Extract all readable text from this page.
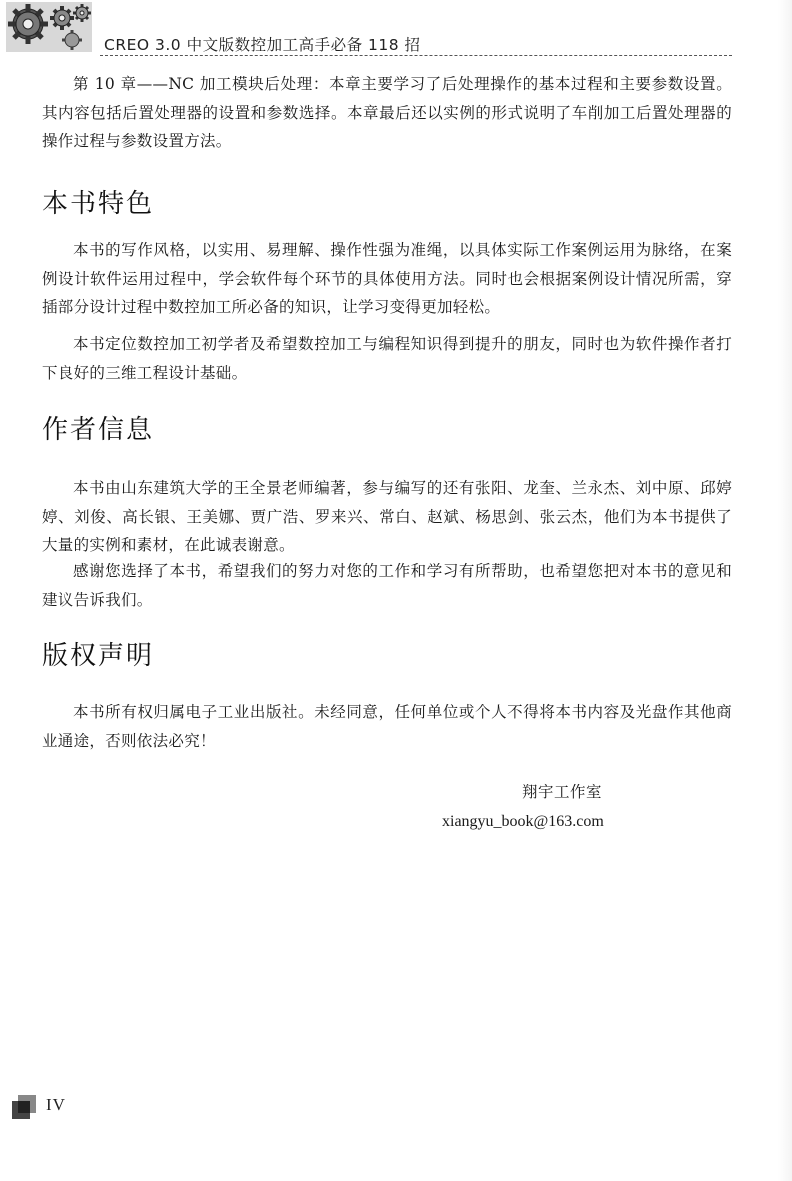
CREO 3.0 中文版数控加工高手必备 118 招

第 10 章——NC 加工模块后处理：本章主要学习了后处理操作的基本过程和主要参数设置。其内容包括后置处理器的设置和参数选择。本章最后还以实例的形式说明了车削加工后置处理器的操作过程与参数设置方法。

本书特色

本书的写作风格，以实用、易理解、操作性强为准绳，以具体实际工作案例运用为脉络，在案例设计软件运用过程中，学会软件每个环节的具体使用方法。同时也会根据案例设计情况所需，穿插部分设计过程中数控加工所必备的知识，让学习变得更加轻松。

本书定位数控加工初学者及希望数控加工与编程知识得到提升的朋友，同时也为软件操作者打下良好的三维工程设计基础。

作者信息

本书由山东建筑大学的王全景老师编著，参与编写的还有张阳、龙奎、兰永杰、刘中原、邱婷婷、刘俊、高长银、王美娜、贾广浩、罗来兴、常白、赵斌、杨思剑、张云杰，他们为本书提供了大量的实例和素材，在此诚表谢意。

感谢您选择了本书，希望我们的努力对您的工作和学习有所帮助，也希望您把对本书的意见和建议告诉我们。

版权声明

本书所有权归属电子工业出版社。未经同意，任何单位或个人不得将本书内容及光盘作其他商业通途，否则依法必究！

翔宇工作室
xiangyu_book@163.com
IV
